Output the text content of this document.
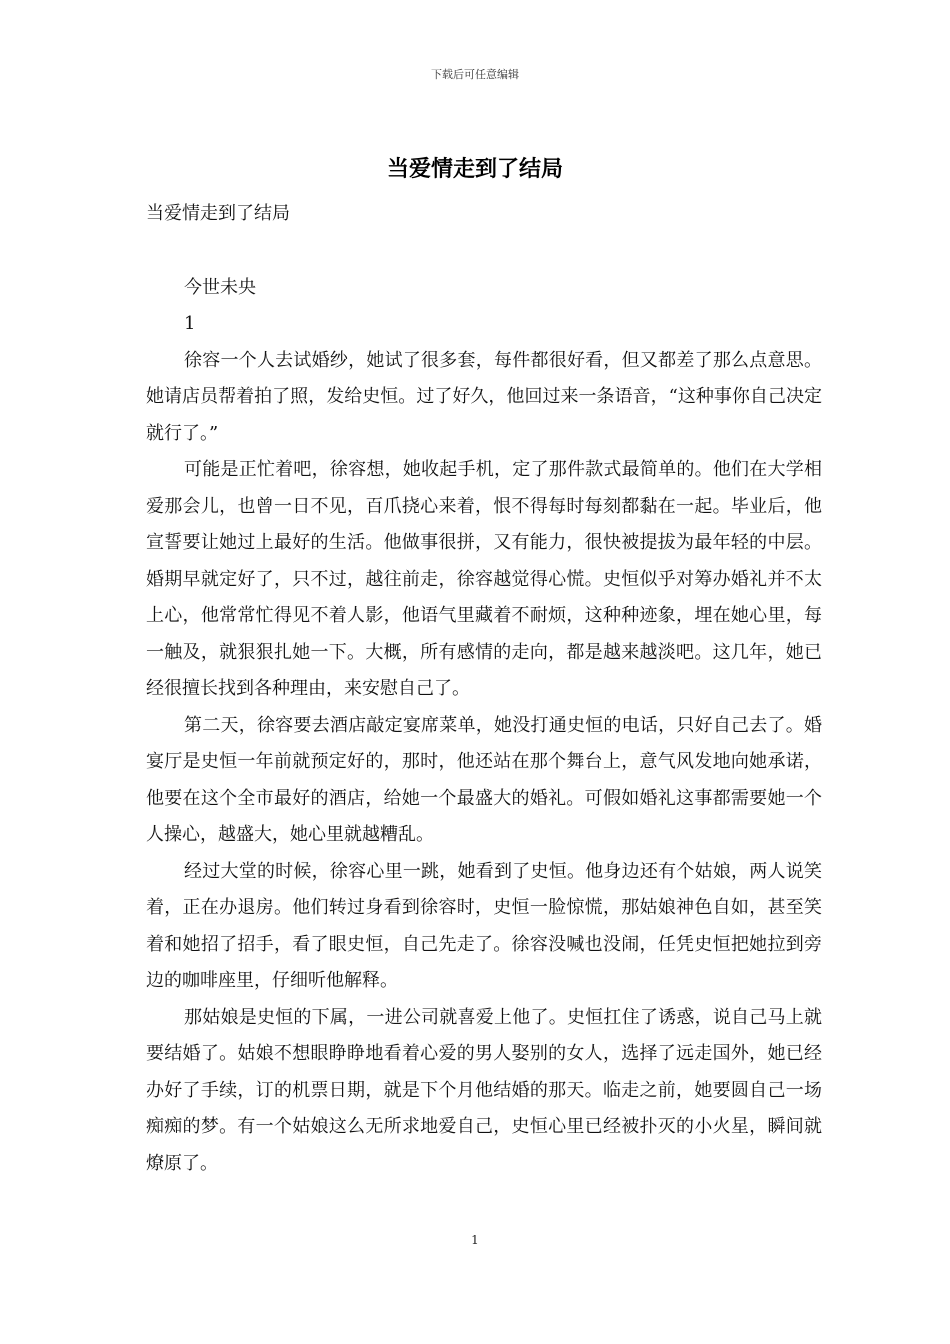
下载后可任意编辑
当爱情走到了结局

当爱情走到了结局

今世未央

1

徐容一个人去试婚纱，她试了很多套，每件都很好看，但又都差了那么点意思。她请店员帮着拍了照，发给史恒。过了好久，他回过来一条语音，“这种事你自己决定就行了。”

可能是正忙着吧，徐容想，她收起手机，定了那件款式最简单的。他们在大学相爱那会儿，也曾一日不见，百爪挠心来着，恨不得每时每刻都黏在一起。毕业后，他宣誓要让她过上最好的生活。他做事很拼，又有能力，很快被提拔为最年轻的中层。婚期早就定好了，只不过，越往前走，徐容越觉得心慌。史恒似乎对筹办婚礼并不太上心，他常常忙得见不着人影，他语气里藏着不耐烦，这种种迹象，埋在她心里，每一触及，就狠狠扎她一下。大概，所有感情的走向，都是越来越淡吧。这几年，她已经很擅长找到各种理由，来安慰自己了。

第二天，徐容要去酒店敲定宴席菜单，她没打通史恒的电话，只好自己去了。婚宴厅是史恒一年前就预定好的，那时，他还站在那个舞台上，意气风发地向她承诺，他要在这个全市最好的酒店，给她一个最盛大的婚礼。可假如婚礼这事都需要她一个人操心，越盛大，她心里就越糟乱。

经过大堂的时候，徐容心里一跳，她看到了史恒。他身边还有个姑娘，两人说笑着，正在办退房。他们转过身看到徐容时，史恒一脸惊慌，那姑娘神色自如，甚至笑着和她招了招手，看了眼史恒，自己先走了。徐容没喊也没闹，任凭史恒把她拉到旁边的咖啡座里，仔细听他解释。

那姑娘是史恒的下属，一进公司就喜爱上他了。史恒扛住了诱惑，说自己马上就要结婚了。姑娘不想眼睁睁地看着心爱的男人娶别的女人，选择了远走国外，她已经办好了手续，订的机票日期，就是下个月他结婚的那天。临走之前，她要圆自己一场痴痴的梦。有一个姑娘这么无所求地爱自己，史恒心里已经被扑灭的小火星，瞬间就燎原了。

1
